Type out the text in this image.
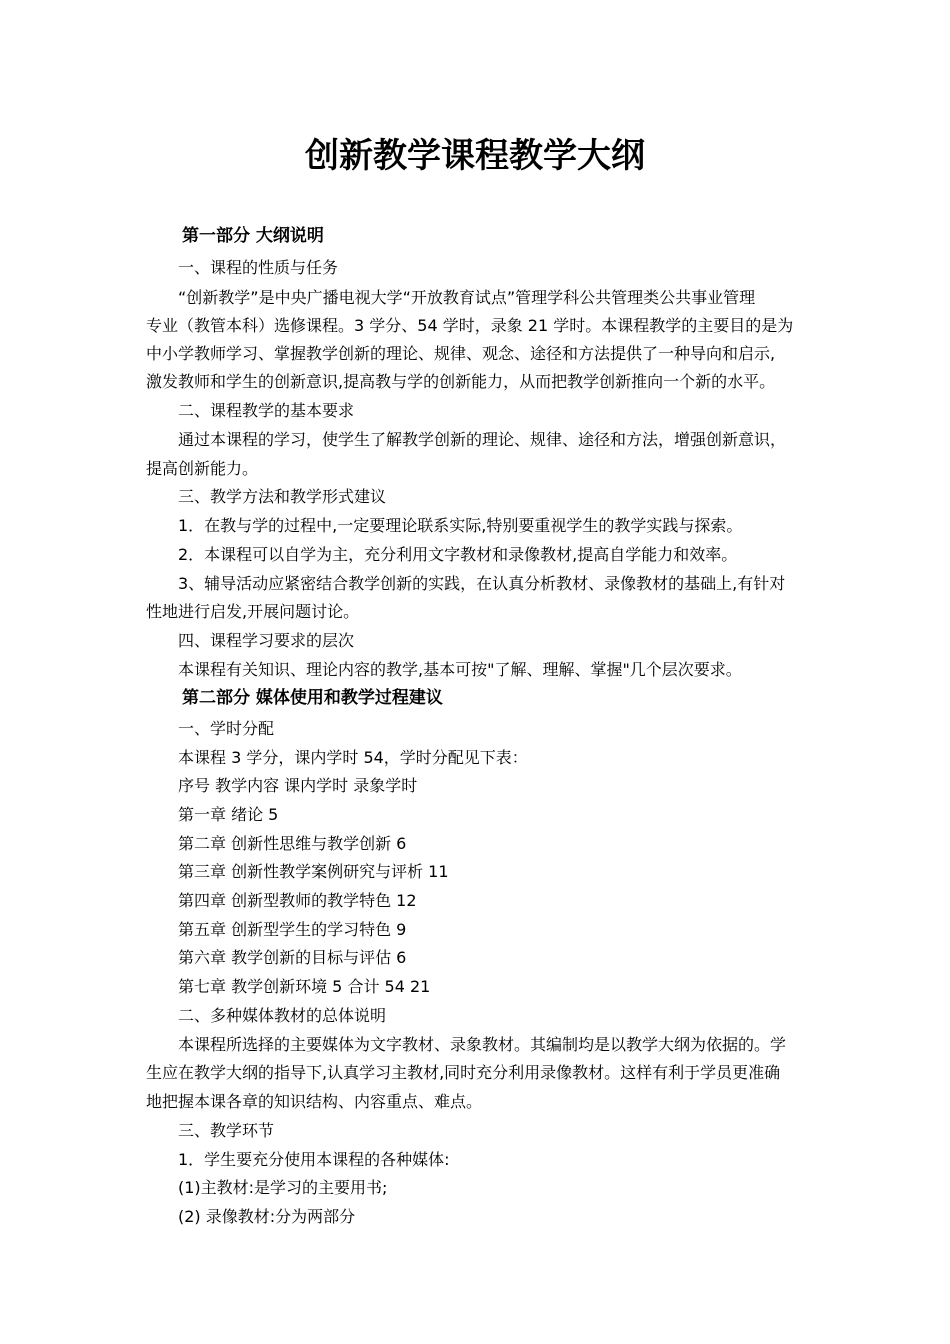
创新教学课程教学大纲
第一部分 大纲说明
一、课程的性质与任务
“创新教学”是中央广播电视大学“开放教育试点”管理学科公共管理类公共事业管理
专业（教管本科）选修课程。3 学分、54 学时，录象 21 学时。本课程教学的主要目的是为
中小学教师学习、掌握教学创新的理论、规律、观念、途径和方法提供了一种导向和启示,
激发教师和学生的创新意识,提高教与学的创新能力，从而把教学创新推向一个新的水平。
二、课程教学的基本要求
通过本课程的学习，使学生了解教学创新的理论、规律、途径和方法，增强创新意识，
提高创新能力。
三、教学方法和教学形式建议
1．在教与学的过程中,一定要理论联系实际,特别要重视学生的教学实践与探索。
2．本课程可以自学为主，充分利用文字教材和录像教材,提高自学能力和效率。
3、辅导活动应紧密结合教学创新的实践，在认真分析教材、录像教材的基础上,有针对
性地进行启发,开展问题讨论。
四、课程学习要求的层次
本课程有关知识、理论内容的教学,基本可按"了解、理解、掌握"几个层次要求。
第二部分 媒体使用和教学过程建议
一、学时分配
本课程 3 学分，课内学时 54，学时分配见下表：
序号 教学内容 课内学时 录象学时
第一章 绪论 5
第二章 创新性思维与教学创新 6
第三章 创新性教学案例研究与评析 11
第四章 创新型教师的教学特色 12
第五章 创新型学生的学习特色 9
第六章 教学创新的目标与评估 6
第七章 教学创新环境 5 合计 54 21
二、多种媒体教材的总体说明
本课程所选择的主要媒体为文字教材、录象教材。其编制均是以教学大纲为依据的。学
生应在教学大纲的指导下,认真学习主教材,同时充分利用录像教材。这样有利于学员更准确
地把握本课各章的知识结构、内容重点、难点。
三、教学环节
1．学生要充分使用本课程的各种媒体:
(1)主教材:是学习的主要用书;
(2) 录像教材:分为两部分
